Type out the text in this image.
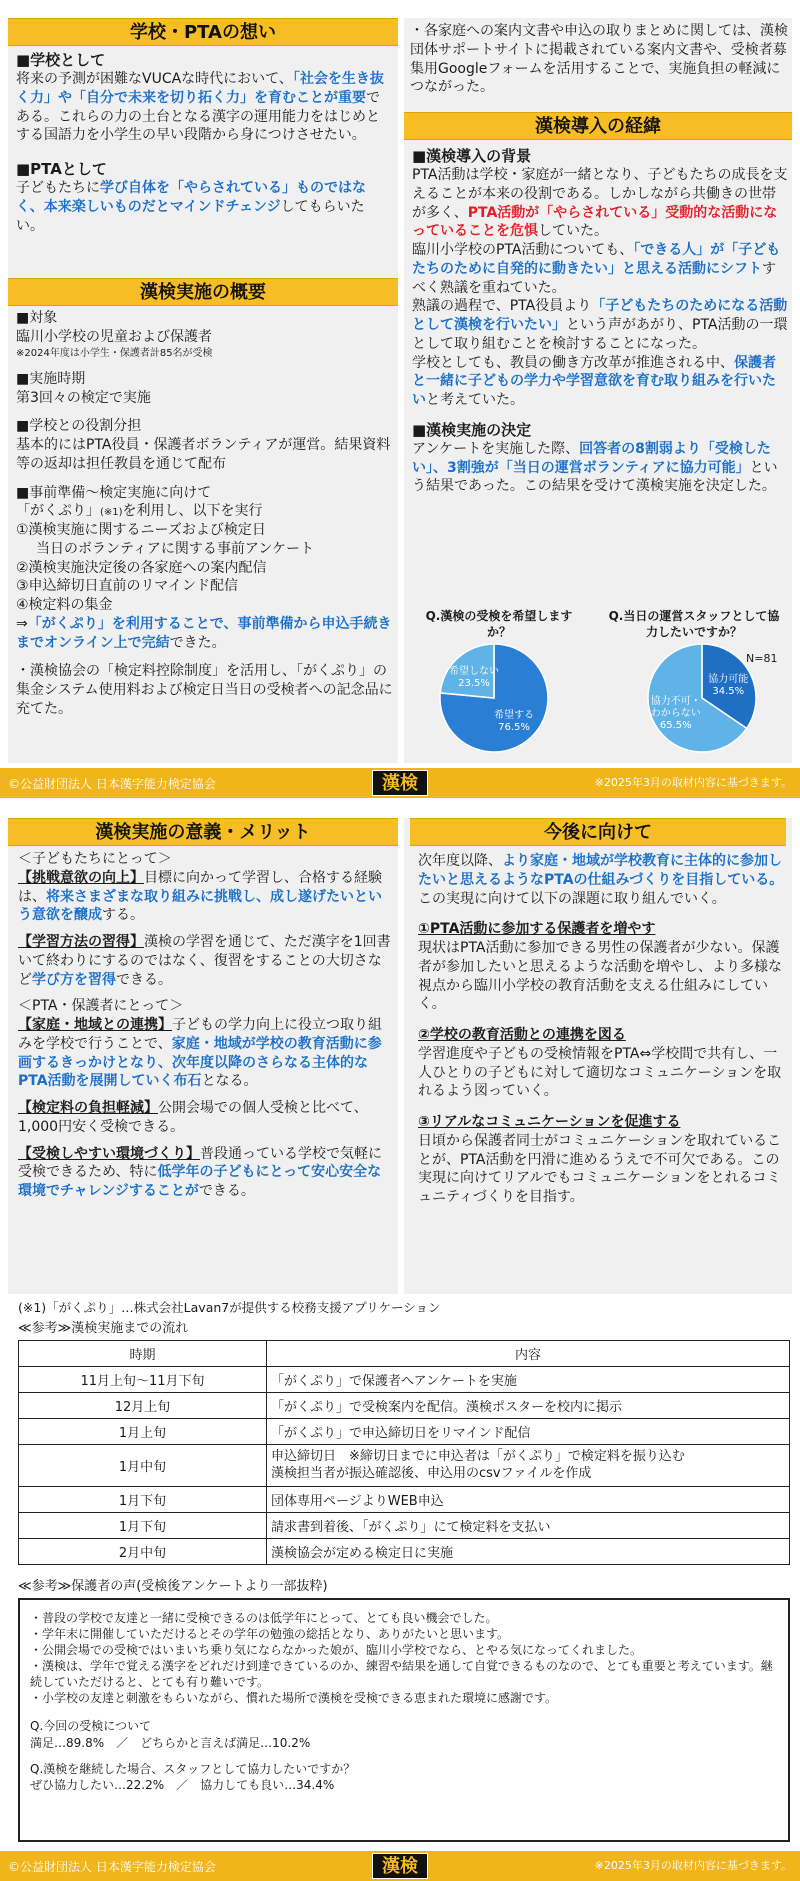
学校・PTAの想い
■学校として

将来の予測が困難なVUCAな時代において、「社会を生き抜く力」や「自分で未来を切り拓く力」を育むことが重要である。これらの力の土台となる漢字の運用能力をはじめとする国語力を小学生の早い段階から身につけさせたい。

■PTAとして

子どもたちに学び自体を「やらされている」ものではなく、本来楽しいものだとマインドチェンジしてもらいたい。

漢検実施の概要
■対象
臨川小学校の児童および保護者
※2024年度は小学生・保護者計85名が受検
■実施時期
第3回々の検定で実施
■学校との役割分担
基本的にはPTA役員・保護者ボランティアが運営。結果資料等の返却は担任教員を通じて配布
■事前準備～検定実施に向けて
「がくぷり」(※1)を利用し、以下を実行
①漢検実施に関するニーズおよび検定日
当日のボランティアに関する事前アンケート
②漢検実施決定後の各家庭への案内配信
③申込締切日直前のリマインド配信
④検定料の集金
⇒「がくぷり」を利用することで、事前準備から申込手続きまでオンライン上で完結できた。
・漢検協会の「検定料控除制度」を活用し、「がくぷり」の集金システム使用料および検定日当日の受検者への記念品に充てた。
・各家庭への案内文書や申込の取りまとめに関しては、漢検団体サポートサイトに掲載されている案内文書や、受検者募集用Googleフォームを活用することで、実施負担の軽減につながった。
漢検導入の経緯
■漢検導入の背景

PTA活動は学校・家庭が一緒となり、子どもたちの成長を支えることが本来の役割である。しかしながら共働きの世帯が多く、PTA活動が「やらされている」受動的な活動になっていることを危惧していた。

臨川小学校のPTA活動についても、「できる人」が「子どもたちのために自発的に動きたい」と思える活動にシフトすべく熟議を重ねていた。

熟議の過程で、PTA役員より「子どもたちのためになる活動として漢検を行いたい」という声があがり、PTA活動の一環として取り組むことを検討することになった。

学校としても、教員の働き方改革が推進される中、保護者と一緒に子どもの学力や学習意欲を育む取り組みを行いたいと考えていた。

■漢検実施の決定

アンケートを実施した際、回答者の8割弱より「受検したい」、3割強が「当日の運営ボランティアに協力可能」という結果であった。この結果を受けて漢検実施を決定した。

Q.漢検の受検を希望しますか？
Q.当日の運営スタッフとして協力したいですか？
N=81
希望する 76.5%
希望しない 23.5%	協力可能 34.5%
協力不可・わからない 65.5%
©公益財団法人 日本漢字能力検定協会	漢検	※2025年3月の取材内容に基づきます。
漢検実施の意義・メリット
＜子どもたちにとって＞

【挑戦意欲の向上】目標に向かって学習し、合格する経験は、将来さまざまな取り組みに挑戦し、成し遂げたいという意欲を醸成する。

【学習方法の習得】漢検の学習を通じて、ただ漢字を1回書いて終わりにするのではなく、復習をすることの大切さなど学び方を習得できる。

＜PTA・保護者にとって＞

【家庭・地域との連携】子どもの学力向上に役立つ取り組みを学校で行うことで、家庭・地域が学校の教育活動に参画するきっかけとなり、次年度以降のさらなる主体的なPTA活動を展開していく布石となる。

【検定料の負担軽減】公開会場での個人受検と比べて、1,000円安く受検できる。

【受検しやすい環境づくり】普段通っている学校で気軽に受検できるため、特に低学年の子どもにとって安心安全な環境でチャレンジすることができる。

今後に向けて

次年度以降、より家庭・地域が学校教育に主体的に参加したいと思えるようなPTAの仕組みづくりを目指している。この実現に向けて以下の課題に取り組んでいく。

①PTA活動に参加する保護者を増やす

現状はPTA活動に参加できる男性の保護者が少ない。保護者が参加したいと思えるような活動を増やし、より多様な視点から臨川小学校の教育活動を支える仕組みにしていく。

②学校の教育活動との連携を図る

学習進度や子どもの受検情報をPTA⇔学校間で共有し、一人ひとりの子どもに対して適切なコミュニケーションを取れるよう図っていく。

③リアルなコミュニケーションを促進する

日頃から保護者同士がコミュニケーションを取れていることが、PTA活動を円滑に進めるうえで不可欠である。この実現に向けてリアルでもコミュニケーションをとれるコミュニティづくりを目指す。

(※1)「がくぷり」…株式会社Lavan7が提供する校務支援アプリケーション
≪参考≫漢検実施までの流れ
時期	内容
11月上旬～11月下旬	「がくぷり」で保護者へアンケートを実施
12月上旬	「がくぷり」で受検案内を配信。漢検ポスターを校内に掲示
1月上旬	「がくぷり」で申込締切日をリマインド配信
1月中旬	申込締切日　※締切日までに申込者は「がくぷり」で検定料を振り込む
漢検担当者が振込確認後、申込用のcsvファイルを作成

1月下旬	団体専用ページよりWEB申込
1月下旬	請求書到着後、「がくぷり」にて検定料を支払い
2月中旬	漢検協会が定める検定日に実施
≪参考≫保護者の声(受検後アンケートより一部抜粋)
・普段の学校で友達と一緒に受検できるのは低学年にとって、とても良い機会でした。
・学年末に開催していただけるとその学年の勉強の総括となり、ありがたいと思います。
・公開会場での受検ではいまいち乗り気にならなかった娘が、臨川小学校でなら、とやる気になってくれました。
・漢検は、学年で覚える漢字をどれだけ到達できているのか、練習や結果を通して自覚できるものなので、とても重要と考えています。継続していただけると、とても有り難いです。
・小学校の友達と刺激をもらいながら、慣れた場所で漢検を受検できる恵まれた環境に感謝です。
Q.今回の受検について
満足…89.8%　／　どちらかと言えば満足…10.2%
Q.漢検を継続した場合、スタッフとして協力したいですか？
ぜひ協力したい…22.2%　／　協力しても良い…34.4%
©公益財団法人 日本漢字能力検定協会	漢検	※2025年3月の取材内容に基づきます。
